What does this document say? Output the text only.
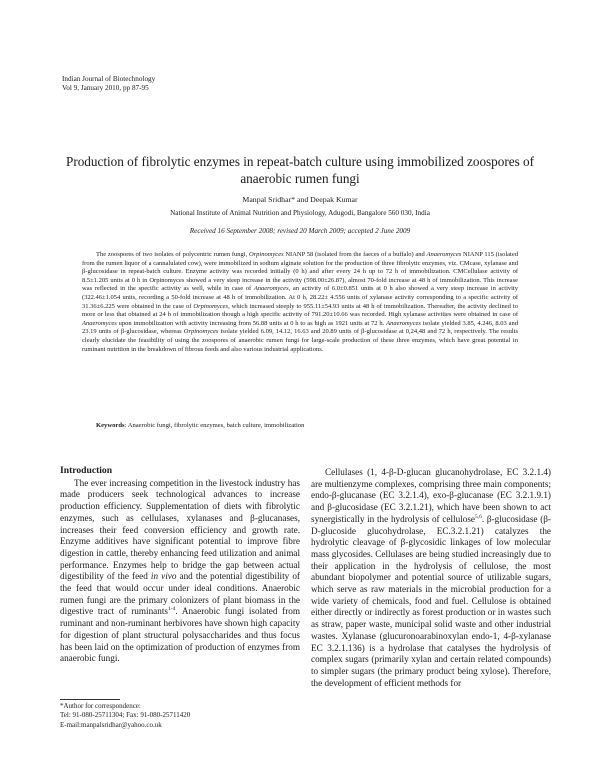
Indian Journal of Biotechnology
Vol 9, January 2010, pp 87-95
Production of fibrolytic enzymes in repeat-batch culture using immobilized zoospores of anaerobic rumen fungi
Manpal Sridhar* and Deepak Kumar
National Institute of Animal Nutrition and Physiology, Adugodi, Bangalore 560 030, India
Received 16 September 2008; revised 20 March 2009; accepted 2 June 2009

The zoospores of two isolates of polycentric rumen fungi, Orpinomyces NIANP 58 (isolated from the faeces of a buffalo) and Anaeromyces NIANP 115 (isolated from the rumen liquor of a cannalulated cow), were immobilized in sodium alginate solution for the production of three fibrolytic enzymes, viz. CMcase, xylanase and β-glucosidase in repeat-batch culture. Enzyme activity was recorded initially (0 h) and after every 24 h up to 72 h of immobilization. CMCellulase activity of 8.5±1.205 units at 0 h in Orpinomyces showed a very steep increase in the activity (598.00±26.87), almost 70-fold increase at 48 h of immobilization. This increase was reflected in the specific activity as well, while in case of Anaeromyces, an activity of 6.0±0.851 units at 0 h also showed a very steep increase in activity (322.46±1.054 units, recording a 50-fold increase at 48 h of immobilization. At 0 h, 28.22± 4.556 units of xylanase activity corresponding to a specific activity of 31.36±6.225 were obtained in the case of Orpinomyces, which increased steeply to 955.11±54.93 units at 48 h of immobilization. Thereafter, the activity declined to more or less that obtained at 24 h of immobilization though a high specific activity of 791.20±10.66 was recorded. High xylanase activities were obtained in case of Anaeromyces upon immobilization with activity increasing from 56.88 units at 0 h to as high as 1921 units at 72 h. Anaeromyces isolate yielded 3.85, 4.246, 8.03 and 23.19 units of β-glucosidase, whereas Orpinomyces isolate yielded 6.09, 14.12, 16.63 and 20.89 units of β-glucosidase at 0,24,48 and 72 h, respectively. The results clearly elucidate the feasibility of using the zoospores of anaerobic rumen fungi for large-scale production of these three enzymes, which have great potential in ruminant nutrition in the breakdown of fibrous feeds and also various industrial applications.

Keywords: Anaerobic fungi, fibrolytic enzymes, batch culture, immobilization
Introduction

The ever increasing competition in the livestock industry has made producers seek technological advances to increase production efficiency. Supplementation of diets with fibrolytic enzymes, such as cellulases, xylanases and β-glucanases, increases their feed conversion efficiency and growth rate. Enzyme additives have significant potential to improve fibre digestion in cattle, thereby enhancing feed utilization and animal performance. Enzymes help to bridge the gap between actual digestibility of the feed in vivo and the potential digestibility of the feed that would occur under ideal conditions. Anaerobic rumen fungi are the primary colonizers of plant biomass in the digestive tract of ruminants$^{1-4}$. Anaerobic fungi isolated from ruminant and non-ruminant herbivores have shown high capacity for digestion of plant structural polysaccharides and thus focus has been laid on the optimization of production of enzymes from anaerobic fungi.

Cellulases (1, 4-β-D-glucan glucanohydrolase, EC 3.2.1.4) are multienzyme complexes, comprising three main components; endo-β-glucanase (EC 3.2.1.4), exo-β-glucanase (EC 3.2.1.9.1) and β-glucosidase (EC 3.2.1.21), which have been shown to act synergistically in the hydrolysis of cellulose$^{5,6}$. β-glucosidase (β-D-glucoside glucohydrolase, EC.3.2.1.21) catalyzes the hydrolytic cleavage of β-glycosidic linkages of low molecular mass glycosides. Cellulases are being studied increasingly due to their application in the hydrolysis of cellulose, the most abundant biopolymer and potential source of utilizable sugars, which serve as raw materials in the microbial production for a wide variety of chemicals, food and fuel. Cellulose is obtained either directly or indirectly as forest production or in wastes such as straw, paper waste, municipal solid waste and other industrial wastes. Xylanase (glucuronoarabinoxylan endo-1, 4-β-xylanase EC 3.2.1.136) is a hydrolase that catalyses the hydrolysis of complex sugars (primarily xylan and certain related compounds) to simpler sugars (the primary product being xylose). Therefore, the development of efficient methods for

*Author for correspondence:
Tel: 91-080-25711304; Fax: 91-080-25711420
E-mail:manpalsridhar@yahoo.co.uk
